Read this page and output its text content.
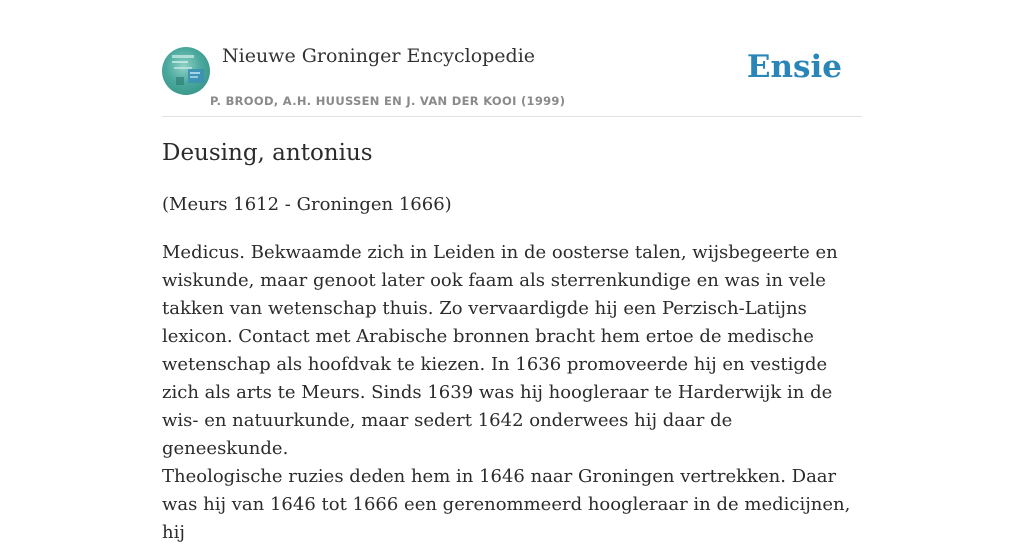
Nieuwe Groninger Encyclopedie
P. BROOD, A.H. HUUSSEN EN J. VAN DER KOOI (1999)
Ensie
Deusing, antonius

(Meurs 1612 - Groningen 1666)

Medicus. Bekwaamde zich in Leiden in de oosterse talen, wijsbegeerte en wiskunde, maar genoot later ook faam als sterrenkundige en was in vele takken van wetenschap thuis. Zo vervaardigde hij een Perzisch-Latijns lexicon. Contact met Arabische bronnen bracht hem ertoe de medische wetenschap als hoofdvak te kiezen. In 1636 promoveerde hij en vestigde zich als arts te Meurs. Sinds 1639 was hij hoogleraar te Harderwijk in de wis- en natuurkunde, maar sedert 1642 onderwees hij daar de geneeskunde.

Theologische ruzies deden hem in 1646 naar Groningen vertrekken. Daar was hij van 1646 tot 1666 een gerenommeerd hoogleraar in de medicijnen, hij
